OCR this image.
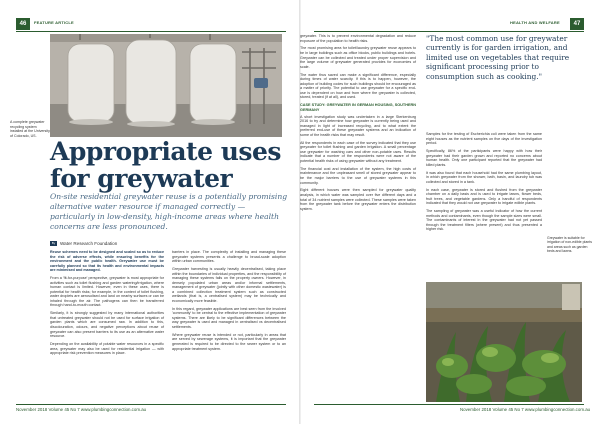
46	FEATURE ARTICLE
A complete greywater recycling system installed at the University of Colorado, US.
Appropriate uses
for greywater
On-site residential greywater reuse is a potentially promising alternative water resource if managed correctly — particularly in low-density, high-income areas where health concerns are less pronounced.
By	Water Research Foundation

Reuse schemes need to be designed and scaled so as to reduce the risk of adverse effects, while ensuring benefits for the environment and the public health. Greywater use must be carefully planned so that its health and environmental impacts are minimised and managed.

From a 'fit-for-purpose' perspective, greywater is most appropriate for activities such as toilet flushing and garden watering/irrigation, where human contact is limited. However, even in these uses, there is potential for health risks; for example, in the context of toilet flushing, water droplets are aerosolised and land on nearby surfaces or can be inhaled through the air. The pathogens can then be transferred through hand-to-mouth contact.

Similarly, it is strongly suggested by many international authorities that untreated greywater should not be used for surface irrigation of garden plants which are consumed raw. In addition to this, discolouration, odours, and negative perceptions about reuse of greywater can also present barriers to its use as an alternative water resource.

Depending on the availability of potable water resources in a specific area, greywater may also be used for residential irrigation — with appropriate risk prevention measures in place.

barriers in place. The complexity of installing and managing these greywater systems presents a challenge to broad-scale adoption within urban communities.

Greywater harvesting is usually heavily decentralised, taking place within the boundaries of individual properties, and the responsibility of managing these systems falls on the property owners. However, in densely populated urban areas and/or informal settlements, management of greywater (jointly with other domestic wastewater) is a combined collection treatment system such as constructed wetlands (that is, a centralised system) may be technically and economically more feasible.

In this regard, greywater applications are best seen from the involved 'community' to be central to the effective implementation of greywater systems. There are likely to be significant differences between the way greywater is used and managed in centralised vs decentralised settlements.

Where greywater reuse is intended or not, particularly in areas that are served by sewerage systems, it is important that the greywater generated is required to be directed to the sewer system or to an appropriate treatment system.

November 2018 Volume 45 No 7 www.plumbingconnection.com.au
HEALTH AND WELFARE	47

greywater. This is to prevent environmental degradation and reduce exposure of the population to health risks.

The most promising area for toilet/laundry greywater reuse appears to be in large buildings such as office blocks, public buildings and hotels. Greywater can be collected and treated under proper supervision and the large volume of greywater generated provides for economies of scale.

The water thus saved can make a significant difference, especially during times of water scarcity. If this is to happen, however, the adoption of building codes for such buildings should be encouraged as a matter of priority. The potential to use greywater for a specific end-use is dependent on how and from where the greywater is collected, stored, treated (if at all), and used.

CASE STUDY: GREYWATER IN GERMAN HOUSING, SOUTHERN GERMANY

A short investigation study was undertaken in a large Sterkenburg 2016 to try and determine how greywater is currently being used and managed in light of increased recycling, and to what extent the preferred end-use of these greywater systems and an indication of some of the health risks that may result.

All the respondents in each case of the survey indicated that they use greywater for toilet flushing and garden irrigation. A small percentage use greywater for washing cars and other non-potable uses. Results indicate that a number of the respondents were not aware of the potential health risks of using greywater without any treatment.

The financial cost and installation of the system, the high costs of maintenance and the unpleasant smell of stored greywater appear to be the major barriers to the use of greywater systems in this community.

Eight different houses were then sampled for greywater quality analysis, in which water was sampled over five different days and a total of 34 nutrient samples were collected. These samples were taken from the greywater tank before the greywater enters the distribution system.

Samples for the testing of Escherichia coli were taken from the same eight houses as the nutrient samples on five days of the investigation period.

Specifically, 86% of the participants were happy with how their greywater had their garden grown and reported no concerns about human health. Only one participant reported that the greywater had killed plants.

It was also found that each household had the same plumbing layout, in which greywater from the shower, bath, basin, and laundry tub was collected and stored in a tank.

In each case, greywater is stored and flushed from the greywater chamber on a daily basis and is used to irrigate lawns, flower beds, fruit trees, and vegetable gardens. Only a handful of respondents indicated that they would not use greywater to irrigate edible plants.

The sampling of greywater was a useful indicator of how the current methods and contaminants, even though the sample sizes were small. The contaminants of interest in the greywater had not yet passed through the treatment filters (where present) and thus presented a higher risk.

November 2018 Volume 45 No 7 www.plumbingconnection.com.au
"The most common use for greywater currently is for garden irrigation, and limited use on vegetables that require significant processing prior to consumption such as cooking."
Greywater is suitable for irrigation of non-edible plants and areas such as garden beds and lawns.
